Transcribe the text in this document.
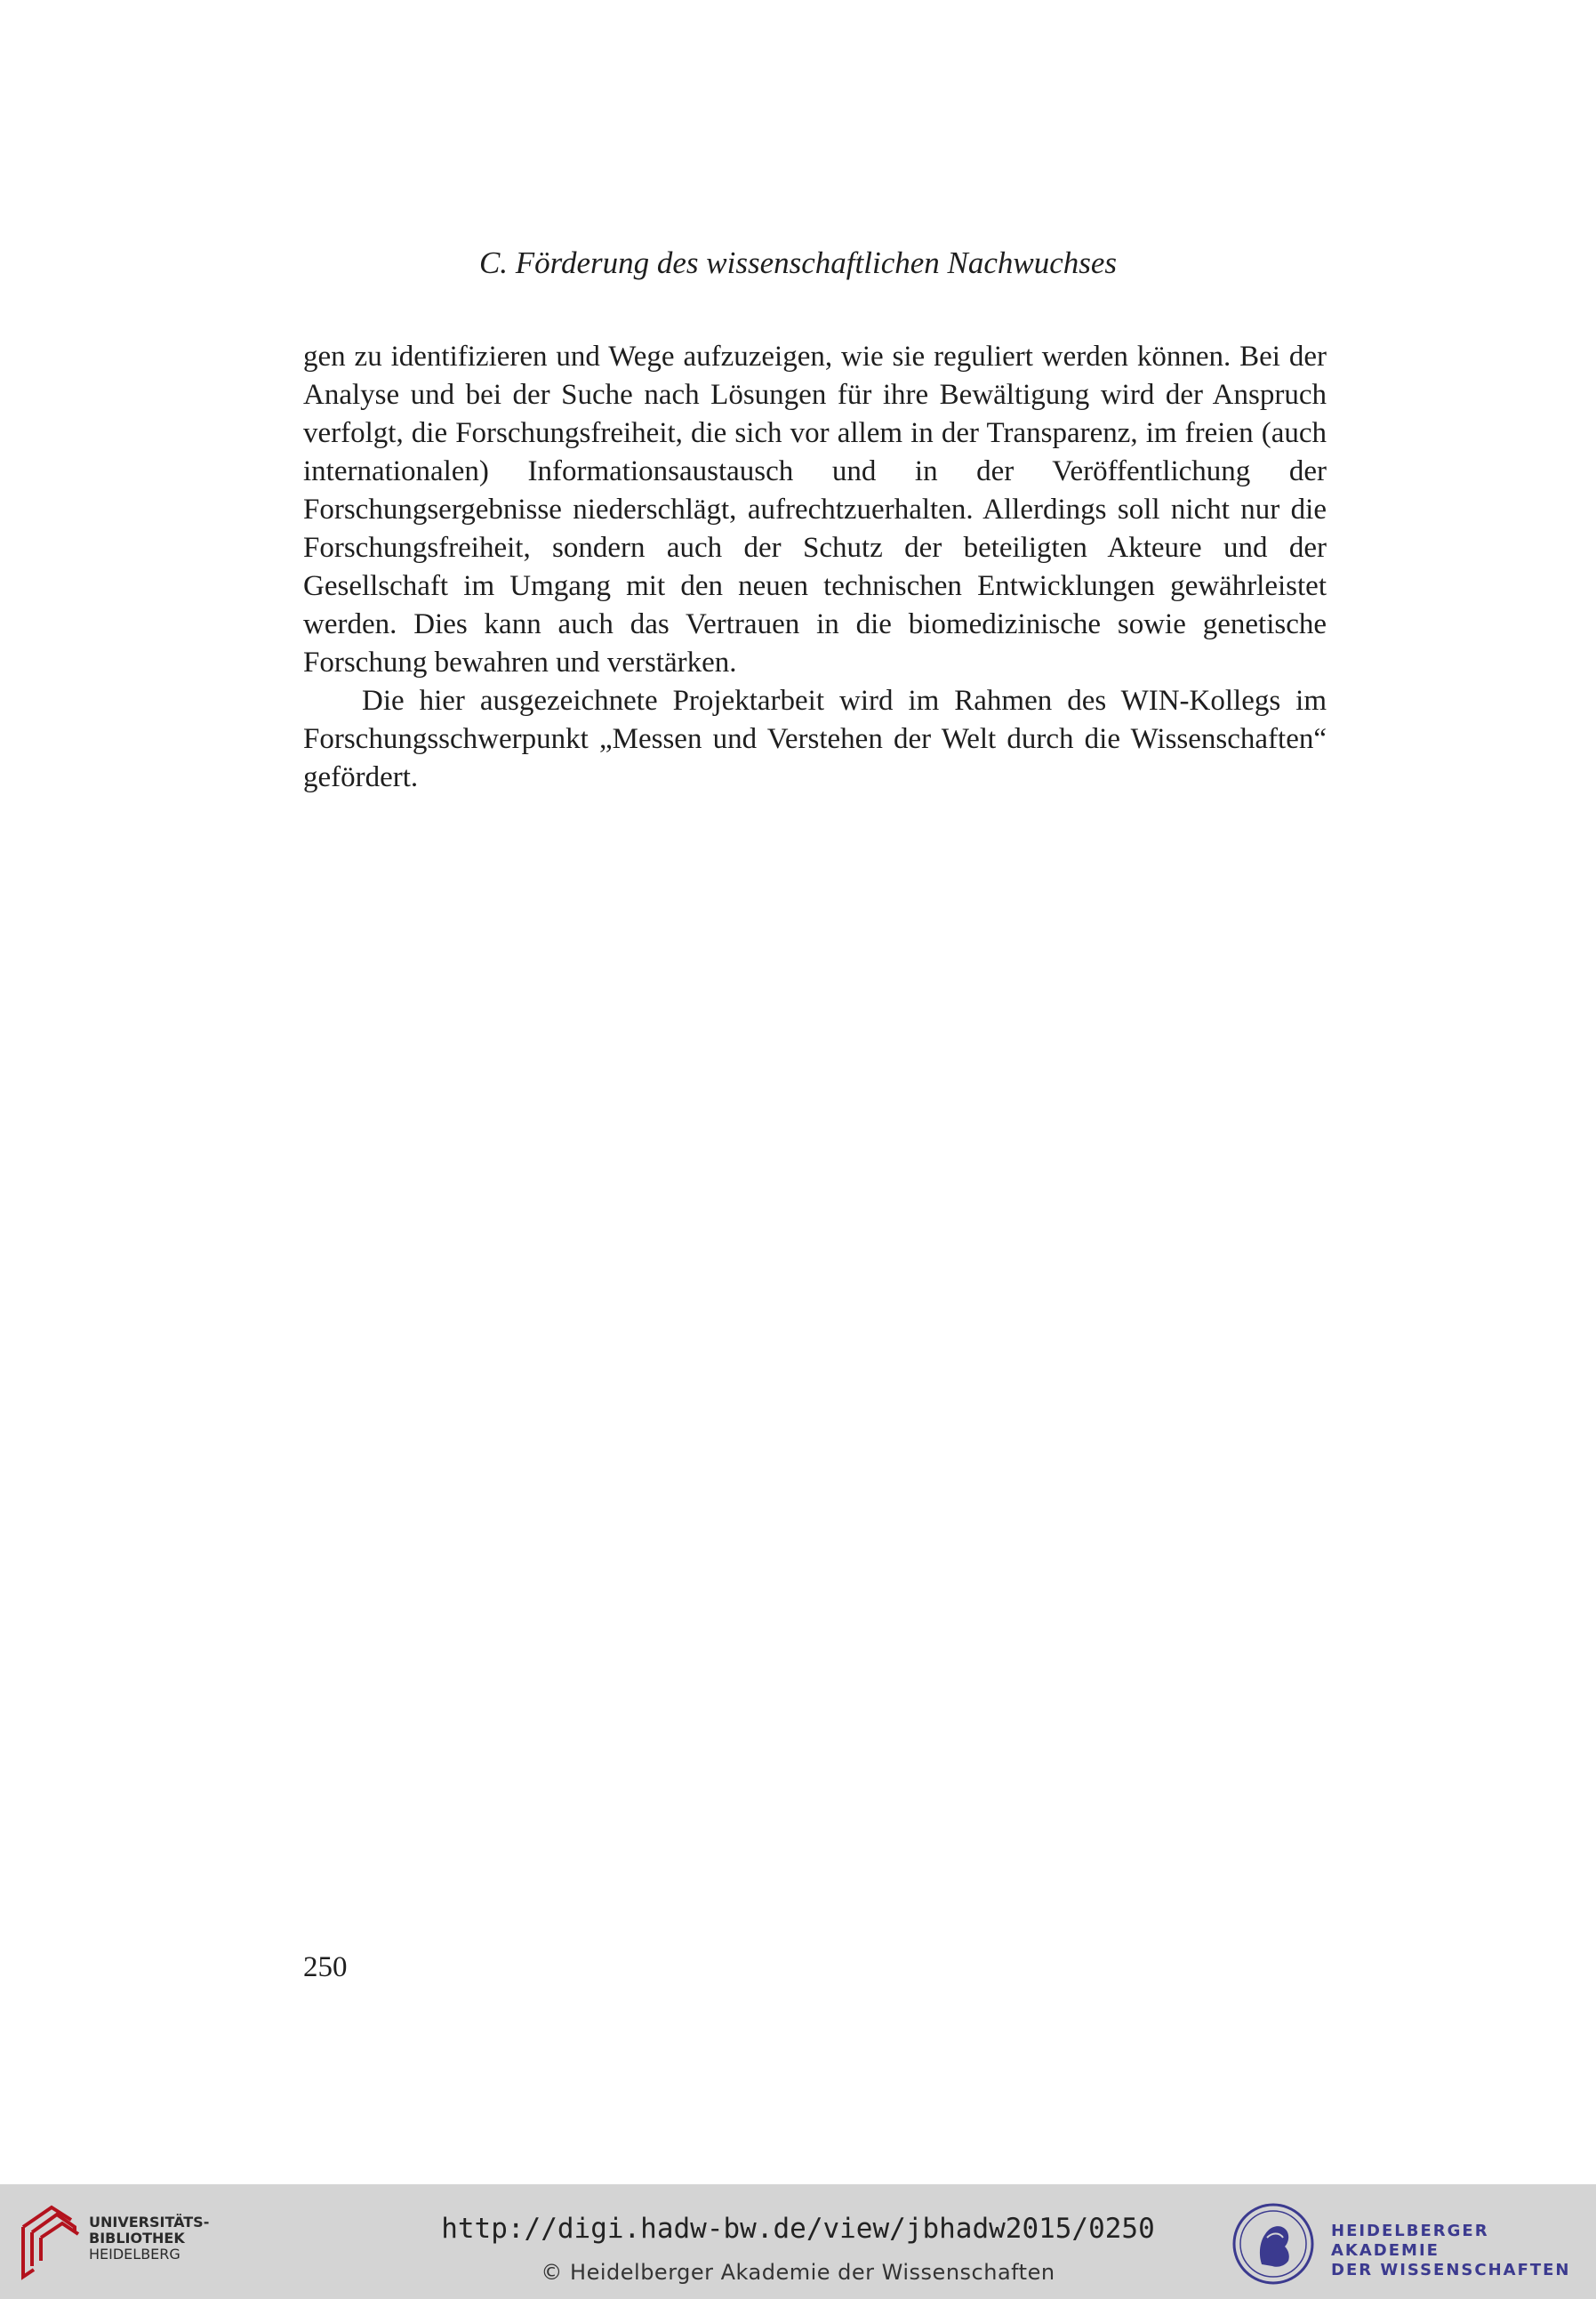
C. Förderung des wissenschaftlichen Nachwuchses

gen zu identifizieren und Wege aufzuzeigen, wie sie reguliert werden können. Bei der Analyse und bei der Suche nach Lösungen für ihre Bewältigung wird der Anspruch verfolgt, die Forschungsfreiheit, die sich vor allem in der Transparenz, im freien (auch internationalen) Informationsaustausch und in der Veröffentlichung der Forschungsergebnisse niederschlägt, aufrechtzuerhalten. Allerdings soll nicht nur die Forschungsfreiheit, sondern auch der Schutz der beteiligten Akteure und der Gesellschaft im Umgang mit den neuen technischen Entwicklungen gewährleistet werden. Dies kann auch das Vertrauen in die biomedizinische sowie genetische Forschung bewahren und verstärken.

Die hier ausgezeichnete Projektarbeit wird im Rahmen des WIN-Kollegs im Forschungsschwerpunkt „Messen und Verstehen der Welt durch die Wissenschaften“ gefördert.

250
UNIVERSITÄTS-
BIBLIOTHEK
HEIDELBERG
http://digi.hadw-bw.de/view/jbhadw2015/0250
© Heidelberger Akademie der Wissenschaften
HEIDELBERGER AKADEMIE
DER WISSENSCHAFTEN
